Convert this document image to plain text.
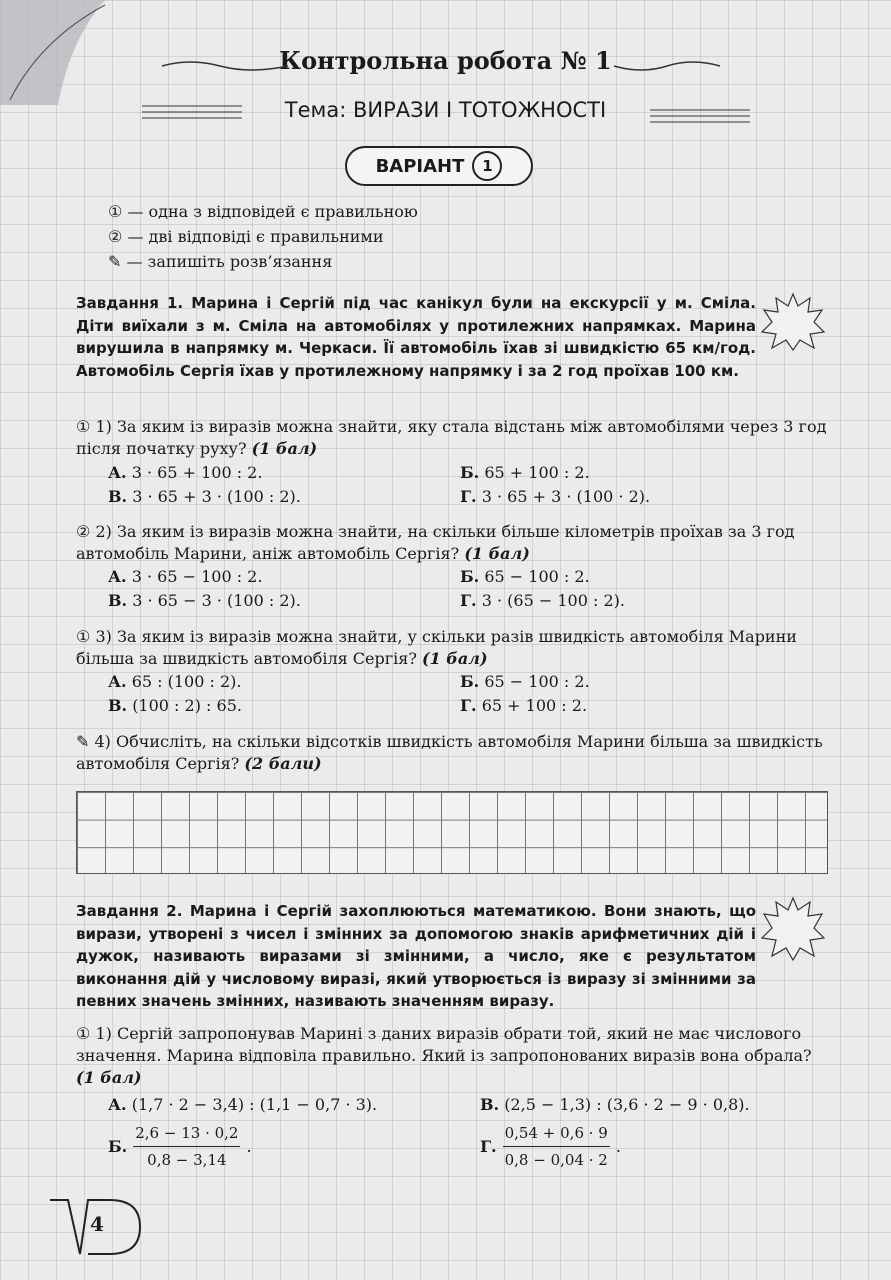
Контрольна робота № 1
Тема: ВИРАЗИ І ТОТОЖНОСТІ
ВАРІАНТ	1
① — одна з відповідей є правильною
② — дві відповіді є правильними
✎ — запишіть розв’язання

Завдання 1. Марина і Сергій під час канікул були на екскурсії у м. Сміла. Діти виїхали з м. Сміла на автомобілях у протилежних напрямках. Марина вирушила в напрямку м. Черкаси. Її автомобіль їхав зі швидкістю 65 км/год. Автомобіль Сергія їхав у протилежному напрямку і за 2 год проїхав 100 км.

① 1) За яким із виразів можна знайти, яку стала відстань між автомобілями через 3 год після початку руху? (1 бал)

А. 3 · 65 + 100 : 2.	Б. 65 + 100 : 2.
В. 3 · 65 + 3 · (100 : 2).	Г. 3 · 65 + 3 · (100 · 2).

② 2) За яким із виразів можна знайти, на скільки більше кілометрів проїхав за 3 год автомобіль Марини, аніж автомобіль Сергія? (1 бал)

А. 3 · 65 − 100 : 2.	Б. 65 − 100 : 2.
В. 3 · 65 − 3 · (100 : 2).	Г. 3 · (65 − 100 : 2).

① 3) За яким із виразів можна знайти, у скільки разів швидкість автомобіля Марини більша за швидкість автомобіля Сергія? (1 бал)

А. 65 : (100 : 2).	Б. 65 − 100 : 2.
В. (100 : 2) : 65.	Г. 65 + 100 : 2.

✎ 4) Обчисліть, на скільки відсотків швидкість автомобіля Марини більша за швидкість автомобіля Сергія? (2 бали)

Завдання 2. Марина і Сергій захоплюються математикою. Вони знають, що вирази, утворені з чисел і змінних за допомогою знаків арифметичних дій і дужок, називають виразами зі змінними, а число, яке є результатом виконання дій у числовому виразі, який утворюється із виразу зі змінними за певних значень змінних, називають значенням виразу.

① 1) Сергій запропонував Марині з даних виразів обрати той, який не має числового значення. Марина відповіла правильно. Який із запропонованих виразів вона обрала? (1 бал)

А. (1,7 · 2 − 3,4) : (1,1 − 0,7 · 3).	В. (2,5 − 1,3) : (3,6 · 2 − 9 · 0,8).
Б. $\frac{2,6 - 13 \cdot 0,2}{0,8 - 3,14}$ .	Г. $\frac{0,54 + 0,6 \cdot 9}{0,8 - 0,04 \cdot 2}$ .
4
